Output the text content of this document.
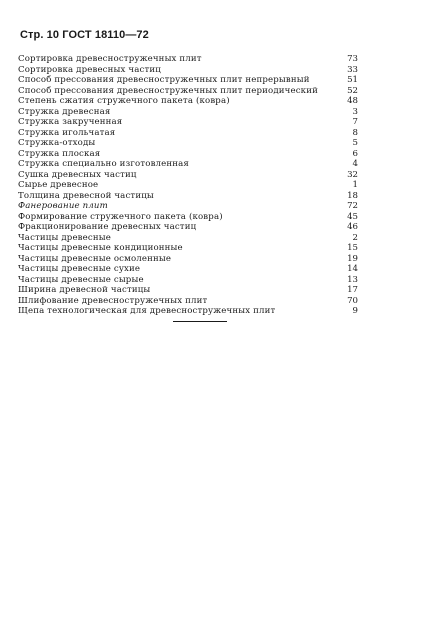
Стр. 10 ГОСТ 18110—72
Сортировка древесностружечных плит	73
Сортировка древесных частиц	33
Способ прессования древесностружечных плит непрерывный	51
Способ прессования древесностружечных плит периодический	52
Степень сжатия стружечного пакета (ковра)	48
Стружка древесная	3
Стружка закрученная	7
Стружка игольчатая	8
Стружка-отходы	5
Стружка плоская	6
Стружка специально изготовленная	4
Сушка древесных частиц	32
Сырье древесное	1
Толщина древесной частицы	18
Фанерование плит	72
Формирование стружечного пакета (ковра)	45
Фракционирование древесных частиц	46
Частицы древесные	2
Частицы древесные кондиционные	15
Частицы древесные осмоленные	19
Частицы древесные сухие	14
Частицы древесные сырые	13
Ширина древесной частицы	17
Шлифование древесностружечных плит	70
Щепа технологическая для древесностружечных плит	9
